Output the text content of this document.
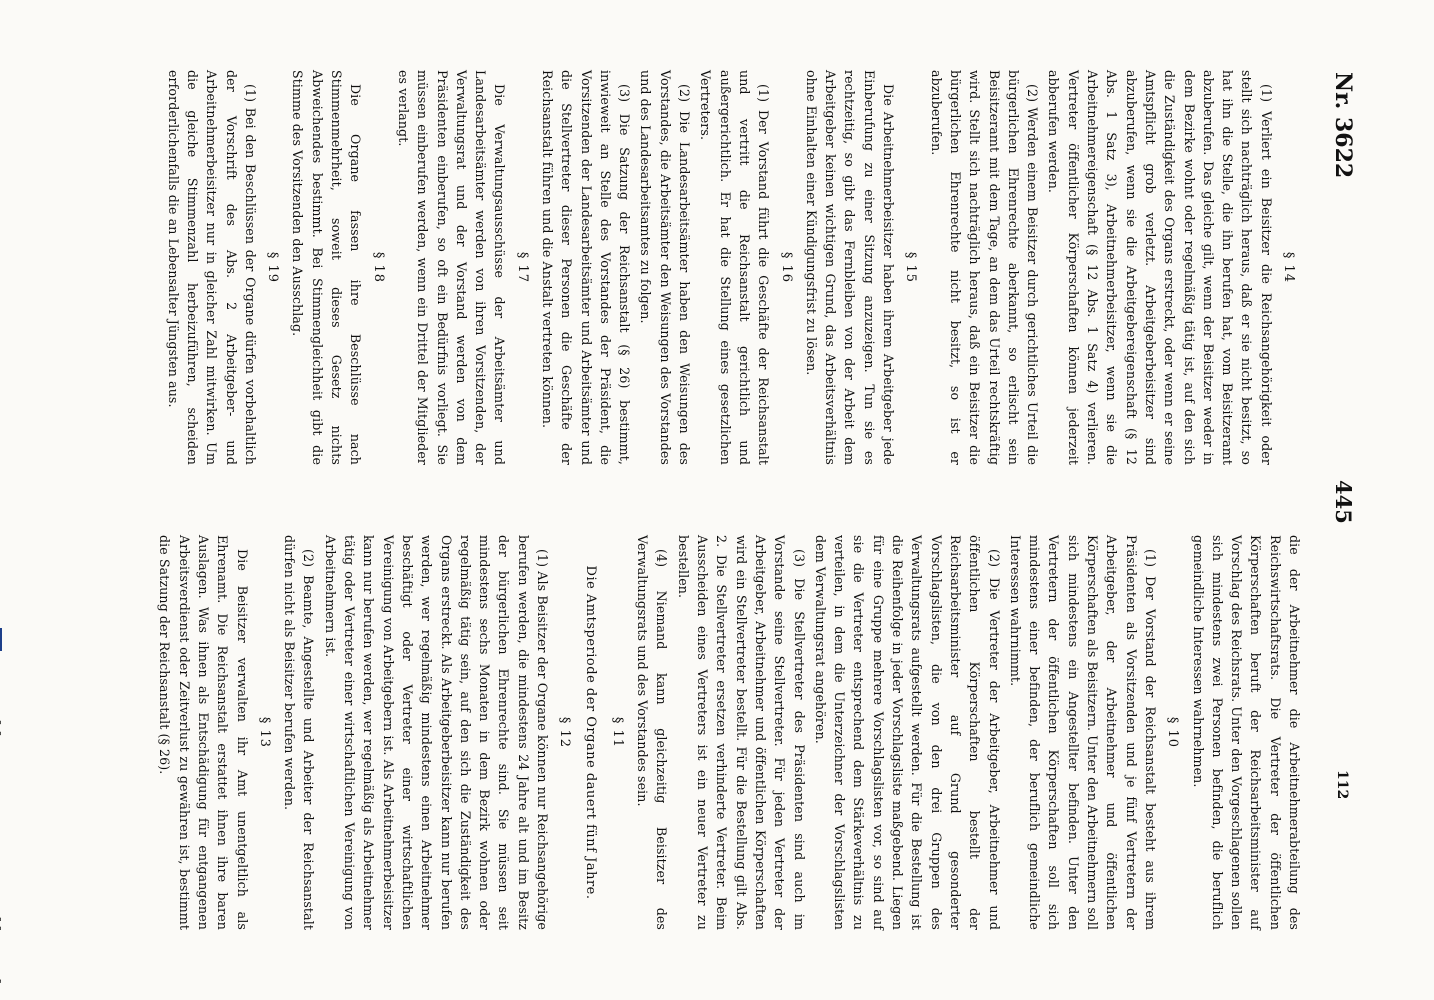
Nr. 3622
445
112
§ 14

(1) Verliert ein Beisitzer die Reichsangehörigkeit oder stellt sich nachträglich heraus, daß er sie nicht besitzt, so hat ihn die Stelle, die ihn berufen hat, vom Beisitzeramt abzuberufen. Das gleiche gilt, wenn der Beisitzer weder in dem Bezirke wohnt oder regelmäßig tätig ist, auf den sich die Zuständigkeit des Organs erstreckt, oder wenn er seine Amtspflicht grob verletzt. Arbeitgeberbeisitzer sind abzuberufen, wenn sie die Arbeitgebereigenschaft (§ 12 Abs. 1 Satz 3), Arbeitnehmerbeisitzer, wenn sie die Arbeitnehmereigenschaft (§ 12 Abs. 1 Satz 4) verlieren. Vertreter öffentlicher Körperschaften können jederzeit abberufen werden.

(2) Werden einem Beisitzer durch gerichtliches Urteil die bürgerlichen Ehrenrechte aberkannt, so erlischt sein Beisitzeramt mit dem Tage, an dem das Urteil rechtskräftig wird. Stellt sich nachträglich heraus, daß ein Beisitzer die bürgerlichen Ehrenrechte nicht besitzt, so ist er abzuberufen.

§ 15

Die Arbeitnehmerbeisitzer haben ihrem Arbeitgeber jede Einberufung zu einer Sitzung anzuzeigen. Tun sie es rechtzeitig, so gibt das Fernbleiben von der Arbeit dem Arbeitgeber keinen wichtigen Grund, das Arbeitsverhältnis ohne Einhalten einer Kündigungsfrist zu lösen.

§ 16

(1) Der Vorstand führt die Geschäfte der Reichsanstalt und vertritt die Reichsanstalt gerichtlich und außergerichtlich. Er hat die Stellung eines gesetzlichen Vertreters.

(2) Die Landesarbeitsämter haben den Weisungen des Vorstandes, die Arbeitsämter den Weisungen des Vorstandes und des Landesarbeitsamtes zu folgen.

(3) Die Satzung der Reichsanstalt (§ 26) bestimmt, inwieweit an Stelle des Vorstandes der Präsident, die Vorsitzenden der Landesarbeitsämter und Arbeitsämter und die Stellvertreter dieser Personen die Geschäfte der Reichsanstalt führen und die Anstalt vertreten können.

§ 17

Die Verwaltungsausschüsse der Arbeitsämter und Landesarbeitsämter werden von ihren Vorsitzenden, der Verwaltungsrat und der Vorstand werden von dem Präsidenten einberufen, so oft ein Bedürfnis vorliegt. Sie müssen einberufen werden, wenn ein Drittel der Mitglieder es verlangt.

§ 18

Die Organe fassen ihre Beschlüsse nach Stimmenmehrheit, soweit dieses Gesetz nichts Abweichendes bestimmt. Bei Stimmengleichheit gibt die Stimme des Vorsitzenden den Ausschlag.

§ 19

(1) Bei den Beschlüssen der Organe dürfen vorbehaltlich der Vorschrift des Abs. 2 Arbeitgeber- und Arbeitnehmerbeisitzer nur in gleicher Zahl mitwirken. Um die gleiche Stimmenzahl herbeizuführen, scheiden erforderlichenfalls die an Lebensalter Jüngsten aus.

die der Arbeitnehmer die Arbeitnehmerabteilung des Reichswirtschaftsrats. Die Vertreter der öffentlichen Körperschaften beruft der Reichsarbeitsminister auf Vorschlag des Reichsrats. Unter den Vorgeschlagenen sollen sich mindestens zwei Personen befinden, die beruflich gemeindliche Interessen wahrnehmen.

§ 10

(1) Der Vorstand der Reichsanstalt besteht aus ihrem Präsidenten als Vorsitzenden und je fünf Vertretern der Arbeitgeber, der Arbeitnehmer und öffentlichen Körperschaften als Beisitzern. Unter den Arbeitnehmern soll sich mindestens ein Angestellter befinden. Unter den Vertretern der öffentlichen Körperschaften soll sich mindestens einer befinden, der beruflich gemeindliche Interessen wahrnimmt.

(2) Die Vertreter der Arbeitgeber, Arbeitnehmer und öffentlichen Körperschaften bestellt der Reichsarbeitsminister auf Grund gesonderter Vorschlagslisten, die von den drei Gruppen des Verwaltungsrats aufgestellt werden. Für die Bestellung ist die Reihenfolge in jeder Vorschlagsliste maßgebend. Liegen für eine Gruppe mehrere Vorschlagslisten vor, so sind auf sie die Vertreter entsprechend dem Stärkeverhältnis zu verteilen, in dem die Unterzeichner der Vorschlagslisten dem Verwaltungsrat angehören.

(3) Die Stellvertreter des Präsidenten sind auch im Vorstande seine Stellvertreter. Für jeden Vertreter der Arbeitgeber, Arbeitnehmer und öffentlichen Körperschaften wird ein Stellvertreter bestellt. Für die Bestellung gilt Abs. 2. Die Stellvertreter ersetzen verhinderte Vertreter. Beim Ausscheiden eines Vertreters ist ein neuer Vertreter zu bestellen.

(4) Niemand kann gleichzeitig Beisitzer des Verwaltungsrats und des Vorstandes sein.

§ 11
Die Amtsperiode der Organe dauert fünf Jahre.
§ 12

(1) Als Beisitzer der Organe können nur Reichsangehörige berufen werden, die mindestens 24 Jahre alt und im Besitz der bürgerlichen Ehrenrechte sind. Sie müssen seit mindestens sechs Monaten in dem Bezirk wohnen oder regelmäßig tätig sein, auf den sich die Zuständigkeit des Organs erstreckt. Als Arbeitgeberbeisitzer kann nur berufen werden, wer regelmäßig mindestens einen Arbeitnehmer beschäftigt oder Vertreter einer wirtschaftlichen Vereinigung von Arbeitgebern ist. Als Arbeitnehmerbeisitzer kann nur berufen werden, wer regelmäßig als Arbeitnehmer tätig oder Vertreter einer wirtschaftlichen Vereinigung von Arbeitnehmern ist.

(2) Beamte, Angestellte und Arbeiter der Reichsanstalt dürfen nicht als Beisitzer berufen werden.

§ 13

Die Beisitzer verwalten ihr Amt unentgeltlich als Ehrenamt. Die Reichsanstalt erstattet ihnen ihre baren Auslagen. Was ihnen als Entschädigung für entgangenen Arbeitsverdienst oder Zeitverlust zu gewähren ist, bestimmt die Satzung der Reichsanstalt (§ 26).
